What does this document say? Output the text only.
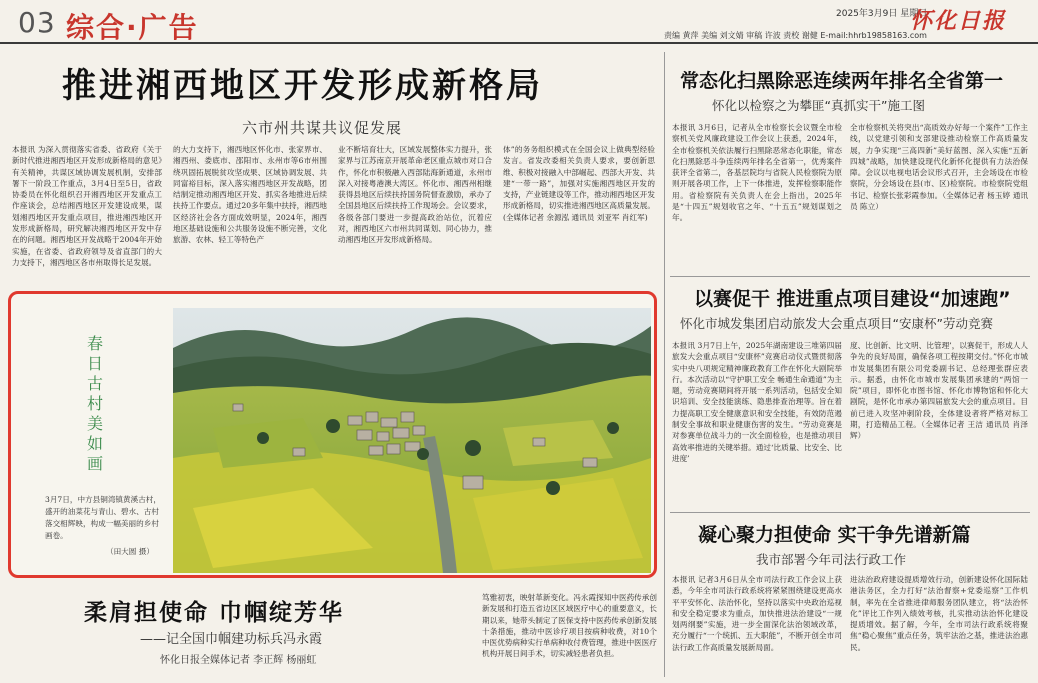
03 综合·广告	2025年3月9日 星期日
怀化日报
责编 黄萍 美编 刘文婧 审稿 许波 责校 谢健 E-mail:hhrb19858163.com
推进湘西地区开发形成新格局
六市州共谋共议促发展
本报讯 为深入贯彻落实省委、省政府《关于新时代推进湘西地区开发形成新格局的意见》有关精神，共谋区域协调发展机制，安排部署下一阶段工作重点，3月4日至5日，省政协委员在怀化组织召开湘西地区开发重点工作座谈会，总结湘西地区开发建设成果，谋划湘西地区开发重点项目，推进湘西地区开发形成新格局，研究解决湘西地区开发中存在的问题。湘西地区开发战略于2004年开始实施，在省委、省政府领导及省直部门的大力支持下，湘西地区各市州取得长足发展。
的大力支持下，湘西地区怀化市、张家界市、湘西州、娄底市、邵阳市、永州市等6市州围绕巩固拓展脱贫攻坚成果、区域协调发展、共同富裕目标，深入落实湘西地区开发战略，团结制定推动湘西地区开发、抓实各地推进后续扶持工作要点。通过20多年集中扶持，湘西地区经济社会各方面成效明显，2024年，湘西地区基础设施和公共服务设施不断完善，文化旅游、农林、轻工等特色产
业不断培育壮大，区域发展整体实力提升，张家界与江苏南京开展革命老区重点城市对口合作，怀化市积极融入西部陆海新通道，永州市深入对接粤港澳大湾区。怀化市、湘西州相继获得县地区后续扶持国务院督查激励，承办了全国县地区后续扶持工作现场会。会议要求，各级各部门要进一步提高政治站位，沉着应对，湘西地区六市州共同谋划、同心协力，推动湘西地区开发形成新格局。
体”的务务组织模式在全国会议上做典型经验发言。省发改委相关负责人要求，要创新思维、积极对接融入中部崛起、西部大开发、共建“一带一路”，加强对实施湘西地区开发的支持，产业链建设等工作，推动湘西地区开发形成新格局，切实推进湘西地区高质量发展。(全媒体记者 余源泓 通讯员 刘亚军 肖红军)
春日古村美如画
3月7日，中方县铜湾镇黄溪古村，盛开的油菜花与青山、碧水、古村落交相辉映，构成一幅美丽的乡村画卷。
（田大圆 摄）
柔肩担使命 巾帼绽芳华
——记全国巾帼建功标兵冯永霞
怀化日报全媒体记者 李正辉 杨丽虹
笃雅初衷，映射革新变化。冯永霞探知中医药传承创新发展和打造五省边区区域医疗中心的重要意义，长期以来，她带头制定了医保支持中医药传承创新发展十条措施，推动中医诊疗项目按病种收费，对10个中医优势病种实行单病种收付费管理，推进中医医疗机构开展日间手术，切实减轻患者负担。
常态化扫黑除恶连续两年排名全省第一
怀化以检察之为攀匪“真抓实干”施工图
本报讯 3月6日，记者从全市检察长会议暨全市检察机关党风廉政建设工作会议上获悉，2024年，全市检察机关依法履行扫黑除恶常态化职能，常态化扫黑除恶斗争连续两年排名全省第一，优秀案件获评全省第二，各基层院均与省院人民检察院为原则开展各项工作，上下一体推进，发挥检察职能作用。省检察院有关负责人在会上指出，2025年是“十四五”规划收官之年、“十五五”规划谋划之年。
全市检察机关将突出“高质效办好每一个案件”工作主线，以党建引领和支部建设推动检察工作高质量发展，力争实现“三高四新”美好蓝图、深入实施“五新四城”战略，加快建设现代化新怀化提供有力法治保障。会议以电视电话会议形式召开，主会场设在市检察院，分会场设在县(市、区)检察院。市检察院党组书记、检察长张彩霞参加。（全媒体记者 杨玉婷 通讯员 陈立）
以赛促干 推进重点项目建设“加速跑”
怀化市城发集团启动旅发大会重点项目“安康杯”劳动竞赛
本报讯 3月7日上午，2025年湖南建设三堆第四届旅发大会重点项目“安康杯”竞赛启动仪式暨贯彻落实中央八项规定精神廉政教育工作在怀化大剧院举行。本次活动以“守护职工安全 畅通生命通道”为主题，劳动竞赛期间将开展一系列活动，包括安全知识培训、安全技能演练、隐患排查治理等。旨在着力提高职工安全健康意识和安全技能，有效防范遏制安全事故和职业健康伤害的发生。“劳动竞赛是对参赛单位战斗力的一次全面检验，也是推动项目高效率推进的关键举措。通过‘比质量、比安全、比进度’
度、比创新、比文明、比管理’，以赛促干，形成人人争先的良好局面，确保各项工程按期交付。”怀化市城市发展集团有限公司党委副书记、总经理张群应表示。据悉，由怀化市城市发展集团承建的“两馆一院”项目，即怀化市图书馆、怀化市博物馆和怀化大剧院，是怀化市承办第四届旅发大会的重点项目。目前已进入攻坚冲刺阶段，全体建设者将严格对标工期，打造精品工程。（全媒体记者 王洁 通讯员 肖泽辉）
凝心聚力担使命 实干争先谱新篇
我市部署今年司法行政工作
本报讯 记者3月6日从全市司法行政工作会议上获悉，今年全市司法行政系统将紧紧围绕建设更高水平平安怀化、法治怀化，坚持以落实中央政治巡视和安全稳定要求为重点，加快推进法治建设“一规划两纲要”实施，进一步全面深化法治领域改革，充分履行“一个统抓、五大职能”，不断开创全市司法行政工作高质量发展新局面。
进法治政府建设提质增效行动，创新建设怀化国际陆港法务区，全力打好“法治督察+党委巡察”工作机制，率先在全省推进律师服务团队建立，将“法治怀化”评比工作列入绩效考核，扎实推动法治怀化建设提质增效。据了解，今年，全市司法行政系统将聚焦“稳心聚焦”重点任务，筑牢法治之基，推进法治惠民。
